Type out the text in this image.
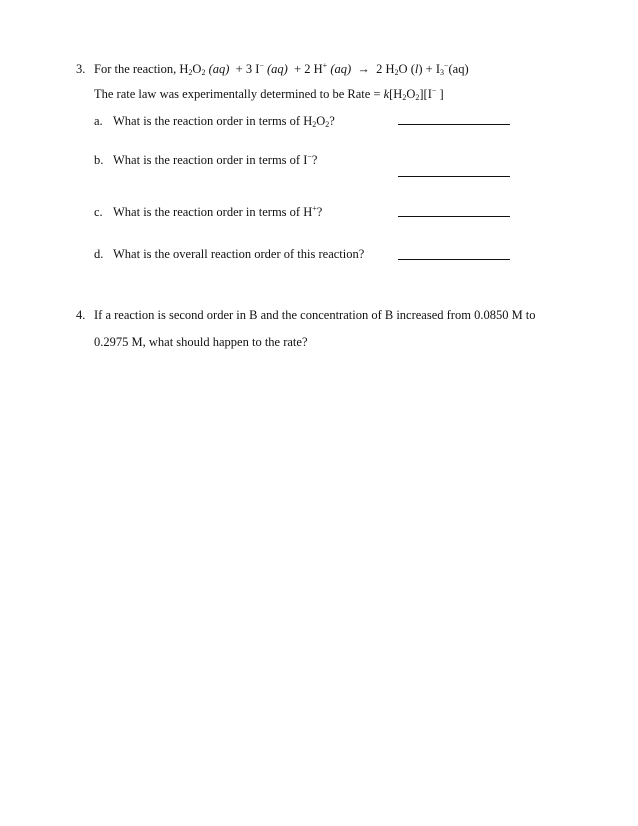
3. For the reaction, $H_2O_2$ (aq) + 3 I− (aq) + 2 H+ (aq) → 2 $H_2O$ $(l) + I_3^-(aq)$
The rate law was experimentally determined to be Rate = $k[H_2O_2][I^-$ ]
a. What is the reaction order in terms of $H_2O_2$?
b. What is the reaction order in terms of I−?
c. What is the reaction order in terms of H+?
d. What is the overall reaction order of this reaction?
4. If a reaction is second order in B and the concentration of B increased from 0.0850 M to
0.2975 M, what should happen to the rate?
